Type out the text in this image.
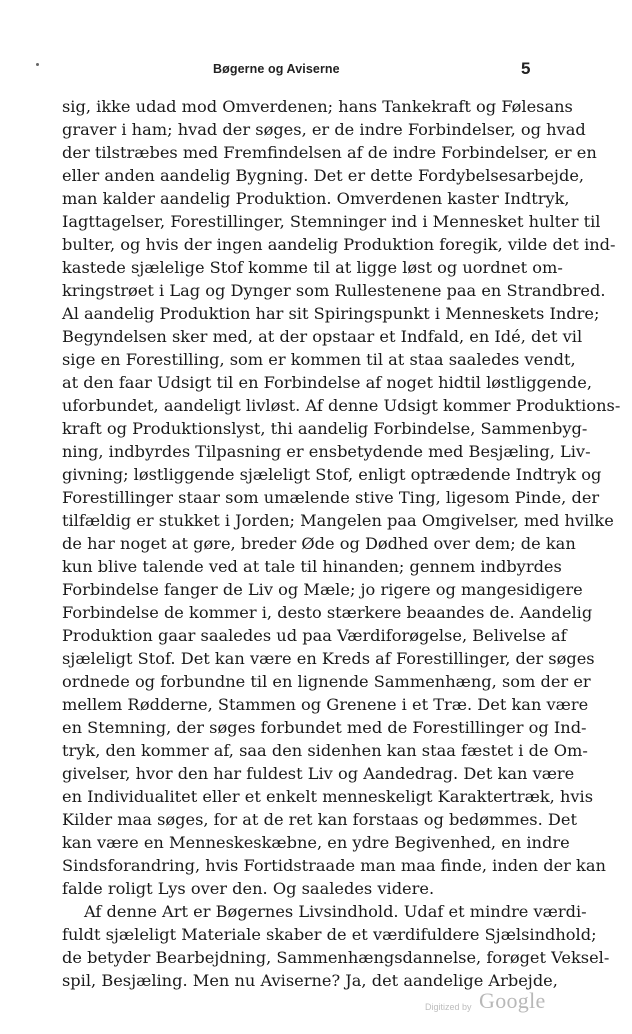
Bøgerne og Aviserne	5
sig, ikke udad mod Omverdenen; hans Tankekraft og Følesans
graver i ham; hvad der søges, er de indre Forbindelser, og hvad
der tilstræbes med Fremfindelsen af de indre Forbindelser, er en
eller anden aandelig Bygning. Det er dette Fordybelsesarbejde,
man kalder aandelig Produktion. Omverdenen kaster Indtryk,
Iagttagelser, Forestillinger, Stemninger ind i Mennesket hulter til
bulter, og hvis der ingen aandelig Produktion foregik, vilde det ind-
kastede sjælelige Stof komme til at ligge løst og uordnet om-
kringstrøet i Lag og Dynger som Rullestenene paa en Strandbred.
Al aandelig Produktion har sit Spiringspunkt i Menneskets Indre;
Begyndelsen sker med, at der opstaar et Indfald, en Idé, det vil
sige en Forestilling, som er kommen til at staa saaledes vendt,
at den faar Udsigt til en Forbindelse af noget hidtil løstliggende,
uforbundet, aandeligt livløst. Af denne Udsigt kommer Produktions-
kraft og Produktionslyst, thi aandelig Forbindelse, Sammenbyg-
ning, indbyrdes Tilpasning er ensbetydende med Besjæling, Liv-
givning; løstliggende sjæleligt Stof, enligt optrædende Indtryk og
Forestillinger staar som umælende stive Ting, ligesom Pinde, der
tilfældig er stukket i Jorden; Mangelen paa Omgivelser, med hvilke
de har noget at gøre, breder Øde og Dødhed over dem; de kan
kun blive talende ved at tale til hinanden; gennem indbyrdes
Forbindelse fanger de Liv og Mæle; jo rigere og mangesidigere
Forbindelse de kommer i, desto stærkere beaandes de. Aandelig
Produktion gaar saaledes ud paa Værdiforøgelse, Belivelse af
sjæleligt Stof. Det kan være en Kreds af Forestillinger, der søges
ordnede og forbundne til en lignende Sammenhæng, som der er
mellem Rødderne, Stammen og Grenene i et Træ. Det kan være
en Stemning, der søges forbundet med de Forestillinger og Ind-
tryk, den kommer af, saa den sidenhen kan staa fæstet i de Om-
givelser, hvor den har fuldest Liv og Aandedrag. Det kan være
en Individualitet eller et enkelt menneskeligt Karaktertræk, hvis
Kilder maa søges, for at de ret kan forstaas og bedømmes. Det
kan være en Menneskeskæbne, en ydre Begivenhed, en indre
Sindsforandring, hvis Fortidstraade man maa finde, inden der kan
falde roligt Lys over den. Og saaledes videre.
Af denne Art er Bøgernes Livsindhold. Udaf et mindre værdi-
fuldt sjæleligt Materiale skaber de et værdifuldere Sjælsindhold;
de betyder Bearbejdning, Sammenhængsdannelse, forøget Veksel-
spil, Besjæling. Men nu Aviserne? Ja, det aandelige Arbejde,
Digitized by Google
